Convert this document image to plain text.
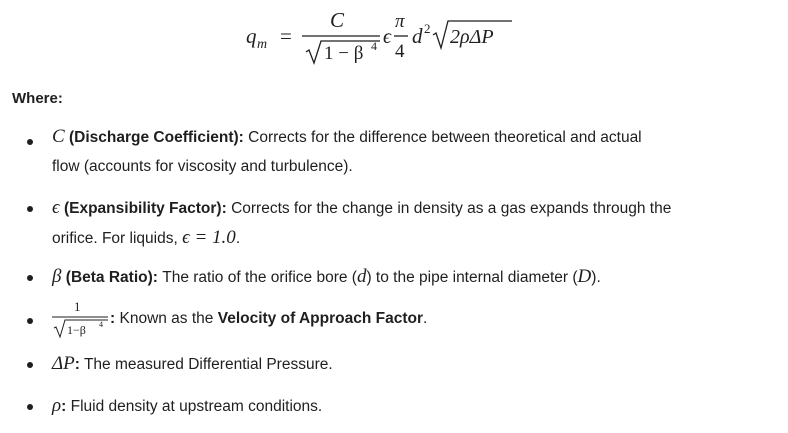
q m =
C
1 − β 4 ϵ
π
4
d 2 2ρΔP
Where:
C (Discharge Coefficient): Corrects for the difference between theoretical and actual
flow (accounts for viscosity and turbulence).
ϵ (Expansibility Factor): Corrects for the change in density as a gas expands through the
orifice. For liquids, ϵ = 1.0.
β (Beta Ratio): The ratio of the orifice bore (d) to the pipe internal diameter (D).
1
1−β 4 : Known as the Velocity of Approach Factor.
ΔP: The measured Differential Pressure.
ρ: Fluid density at upstream conditions.
